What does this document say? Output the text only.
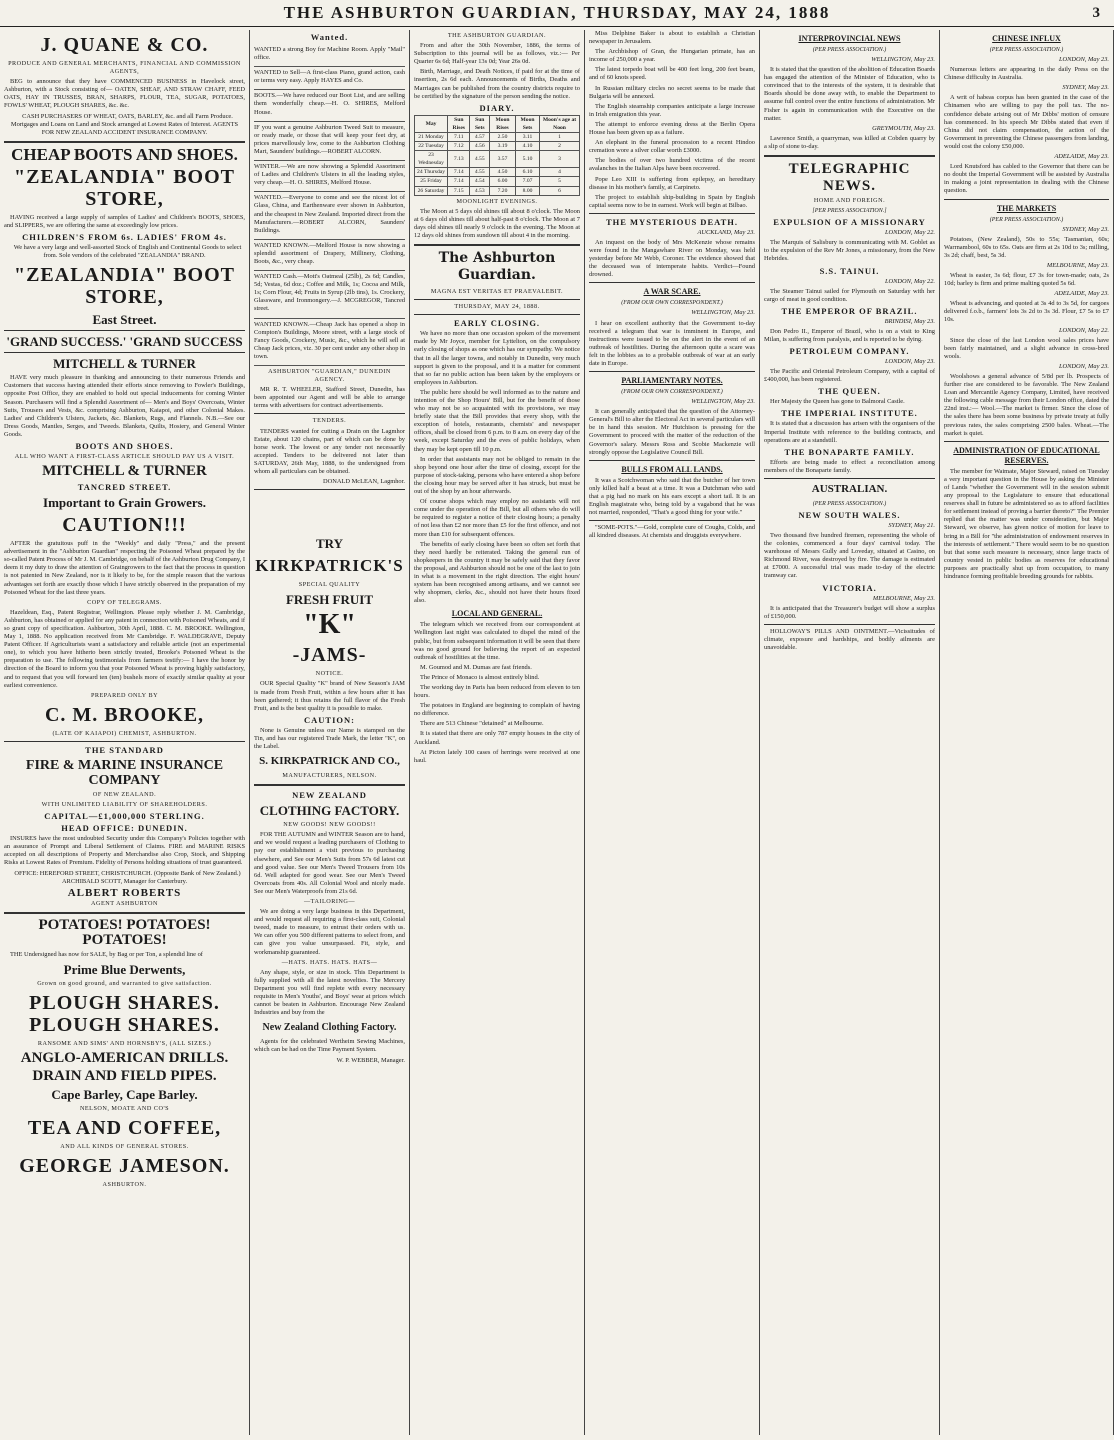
THE ASHBURTON GUARDIAN, THURSDAY, MAY 24, 1888	3
J. QUANE & CO.
PRODUCE AND GENERAL MERCHANTS, FINANCIAL AND COMMISSION AGENTS,

BEG to announce that they have COMMENCED BUSINESS in Havelock street, Ashburton, with a Stock consisting of— OATEN, SHEAF, AND STRAW CHAFF, FEED OATS, HAY IN TRUSSES, BRAN, SHARPS, FLOUR, TEA, SUGAR, POTATOES, FOWLS' WHEAT, PLOUGH SHARES, &c. &c.

CASH PURCHASERS OF WHEAT, OATS, BARLEY, &c. and all Farm Produce. Mortgages and Loans on Land and Stock arranged at Lowest Rates of Interest. AGENTS FOR NEW ZEALAND ACCIDENT INSURANCE COMPANY.

CHEAP BOOTS AND SHOES.
"ZEALANDIA" BOOT STORE,

HAVING received a large supply of samples of Ladies' and Children's BOOTS, SHOES, and SLIPPERS, we are offering the same at exceedingly low prices.

CHILDREN'S FROM 6s. LADIES' FROM 4s.

We have a very large and well-assorted Stock of English and Continental Goods to select from. Sole vendors of the celebrated "ZEALANDIA" BRAND.

"ZEALANDIA" BOOT STORE,
East Street.
'GRAND SUCCESS.' 'GRAND SUCCESS
MITCHELL & TURNER

HAVE very much pleasure in thanking and announcing to their numerous Friends and Customers that success having attended their efforts since removing to Fowler's Buildings, opposite Post Office, they are enabled to hold out special inducements for coming Winter Season. Purchasers will find a Splendid Assortment of— Men's and Boys' Overcoats, Winter Suits, Trousers and Vests, &c. comprising Ashburton, Kaiapoi, and other Colonial Makes. Ladies' and Children's Ulsters, Jackets, &c. Blankets, Rugs, and Flannels. N.B.—See our Dress Goods, Mantles, Serges, and Tweeds. Blankets, Quilts, Hosiery, and General Winter Goods.

BOOTS AND SHOES.
ALL WHO WANT A FIRST-CLASS ARTICLE SHOULD PAY US A VISIT.
MITCHELL & TURNER
TANCRED STREET.
Important to Grain Growers.
CAUTION!!!

AFTER the gratuitous puff in the "Weekly" and daily "Press," and the present advertisement in the "Ashburton Guardian" respecting the Poisoned Wheat prepared by the so-called Patent Process of Mr J. M. Cambridge, on behalf of the Ashburton Drug Company, I deem it my duty to draw the attention of Graingrowers to the fact that the process in question is not patented in New Zealand, nor is it likely to be, for the simple reason that the various advantages set forth are exactly those which I have strictly observed in the preparation of my Poisoned Wheat for the last three years.

COPY OF TELEGRAMS.

Hazeldean, Esq., Patent Registrar, Wellington. Please reply whether J. M. Cambridge, Ashburton, has obtained or applied for any patent in connection with Poisoned Wheats, and if so grant copy of specification. Ashburton, 30th April, 1888. C. M. BROOKE. Wellington, May 1, 1888. No application received from Mr Cambridge. F. WALDEGRAVE, Deputy Patent Officer. If Agriculturists want a satisfactory and reliable article (not an experimental one), to which you have hitherto been strictly treated, Brooke's Poisoned Wheat is the preparation to use. The following testimonials from farmers testify:— I have the honor by direction of the Board to inform you that your Poisoned Wheat is proving highly satisfactory, and to request that you will forward ten (ten) bushels more of exactly similar quality at your earliest convenience.

PREPARED ONLY BY
C. M. BROOKE,
(LATE OF KAIAPOI) CHEMIST, ASHBURTON.
THE STANDARD
FIRE & MARINE INSURANCE COMPANY
OF NEW ZEALAND.
WITH UNLIMITED LIABILITY OF SHAREHOLDERS.
CAPITAL—£1,000,000 STERLING.
HEAD OFFICE: DUNEDIN.

INSURES have the most undoubted Security under this Company's Policies together with an assurance of Prompt and Liberal Settlement of Claims. FIRE and MARINE RISKS accepted on all descriptions of Property and Merchandise also Crop, Stock, and Shipping Risks at Lowest Rates of Premium. Fidelity of Persons holding situations of trust guaranteed.

OFFICE: HEREFORD STREET, CHRISTCHURCH. (Opposite Bank of New Zealand.) ARCHIBALD SCOTT, Manager for Canterbury.

ALBERT ROBERTS
AGENT ASHBURTON
POTATOES! POTATOES! POTATOES!

THE Undersigned has now for SALE, by Bag or per Ton, a splendid line of

Prime Blue Derwents,
Grown on good ground, and warranted to give satisfaction.
PLOUGH SHARES. PLOUGH SHARES.
RANSOME AND SIMS' AND HORNSBY'S, (ALL SIZES.)
ANGLO-AMERICAN DRILLS.
DRAIN AND FIELD PIPES.
Cape Barley, Cape Barley.
NELSON, MOATE AND CO'S
TEA AND COFFEE,
AND ALL KINDS OF GENERAL STORES.
GEORGE JAMESON.
ASHBURTON.
Wanted.

WANTED a strong Boy for Machine Room. Apply "Mail" office.

WANTED to Sell—A first-class Piano, grand action, cash or terms very easy. Apply HAYES and Co.

BOOTS.—We have reduced our Boot List, and are selling them wonderfully cheap.—H. O. SHIRES, Melford House.

IF you want a genuine Ashburton Tweed Suit to measure, or ready made, or those that will keep your feet dry, at prices marvellously low, come to the Ashburton Clothing Mart, Saunders' buildings.—ROBERT ALCORN.

WINTER.—We are now showing a Splendid Assortment of Ladies and Children's Ulsters in all the leading styles, very cheap.—H. O. SHIRES, Melford House.

WANTED.—Everyone to come and see the nicest lot of Glass, China, and Earthenware ever shown in Ashburton, and the cheapest in New Zealand. Imported direct from the Manufacturers.—ROBERT ALCORN, Saunders' Buildings.

WANTED KNOWN.—Melford House is now showing a splendid assortment of Drapery, Millinery, Clothing, Boots, &c., very cheap.

WANTED Cash.—Mott's Oatmeal (25lb), 2s 6d; Candles, 5d; Vestas, 6d doz.; Coffee and Milk, 1s; Cocoa and Milk, 1s; Corn Flour, 4d; Fruits in Syrup (2lb tins), 1s. Crockery, Glassware, and Ironmongery.—J. MCGREGOR, Tancred street.

WANTED KNOWN.—Cheap Jack has opened a shop in Compton's Buildings, Moore street, with a large stock of Fancy Goods, Crockery, Music, &c., which he will sell at Cheap Jack prices, viz. 30 per cent under any other shop in town.

ASHBURTON "GUARDIAN," DUNEDIN AGENCY.

MR R. T. WHEELER, Stafford Street, Dunedin, has been appointed our Agent and will be able to arrange terms with advertisers for contract advertisements.

TENDERS.

TENDERS wanted for cutting a Drain on the Lagmhor Estate, about 120 chains, part of which can be done by horse work. The lowest or any tender not necessarily accepted. Tenders to be delivered not later than SATURDAY, 26th May, 1888, to the undersigned from whom all particulars can be obtained.

DONALD McLEAN, Lagmhor.

TRY
KIRKPATRICK'S
SPECIAL QUALITY
FRESH FRUIT
"K"
-JAMS-
NOTICE.

OUR Special Quality "K" brand of New Season's JAM is made from Fresh Fruit, within a few hours after it has been gathered; it thus retains the full flavor of the Fresh Fruit, and is the best quality it is possible to make.

CAUTION:

None is Genuine unless our Name is stamped on the Tin, and has our registered Trade Mark, the letter "K", on the Label.

S. KIRKPATRICK AND CO.,
MANUFACTURERS, NELSON.
NEW ZEALAND
CLOTHING FACTORY.
NEW GOODS! NEW GOODS!!

FOR THE AUTUMN and WINTER Season are to hand, and we would request a leading purchasers of Clothing to pay our establishment a visit previous to purchasing elsewhere, and See our Men's Suits from 57s 6d latest cut and good value. See our Men's Tweed Trousers from 10s 6d. Well adapted for good wear. See our Men's Tweed Overcoats from 40s. All Colonial Wool and nicely made. See our Men's Waterproofs from 21s 6d.

—TAILORING—

We are doing a very large business in this Department, and would request all requiring a first-class suit, Colonial tweed, made to measure, to entrust their orders with us. We can offer you 500 different patterns to select from, and can give you value unsurpassed. Fit, style, and workmanship guaranteed.

—HATS. HATS. HATS. HATS—

Any shape, style, or size in stock. This Department is fully supplied with all the latest novelties. The Mercery Department you will find replete with every necessary requisite in Men's Youths', and Boys' wear at prices which cannot be beaten in Ashburton. Encourage New Zealand Industries and buy from the

New Zealand Clothing Factory.

Agents for the celebrated Wertheim Sewing Machines, which can be had on the Time Payment System.

W. P. WEBBER, Manager.

THE ASHBURTON GUARDIAN.

From and after the 30th November, 1886, the terms of Subscription to this journal will be as follows, viz.:— Per Quarter 6s 6d; Half-year 13s 0d; Year 26s 0d.

Birth, Marriage, and Death Notices, if paid for at the time of insertion, 2s 6d each. Announcements of Births, Deaths and Marriages can be published from the country districts require to be certified by the signature of the person sending the notice.

DIARY.
May	Sun Rises	Sun Sets	Moon Rises	Moon Sets	Moon's age at Noon
21 Monday	7.11	4.57	2.50	3.11	1
22 Tuesday	7.12	4.56	3.19	4.10	2
23 Wednesday	7.13	4.55	3.57	5.10	3
24 Thursday	7.14	4.55	4.50	6.10	4
25 Friday	7.14	4.54	6.00	7.07	5
26 Saturday	7.15	4.53	7.20	8.00	6
MOONLIGHT EVENINGS.

The Moon at 5 days old shines till about 8 o'clock. The Moon at 6 days old shines till about half-past 8 o'clock. The Moon at 7 days old shines till nearly 9 o'clock in the evening. The Moon at 12 days old shines from sundown till about 4 in the morning.

The Ashburton Guardian.
MAGNA EST VERITAS ET PRAEVALEBIT.
THURSDAY, MAY 24, 1888.
EARLY CLOSING.

We have no more than one occasion spoken of the movement made by Mr Joyce, member for Lyttelton, on the compulsory early closing of shops as one which has our sympathy. We notice that in all the larger towns, and notably in Dunedin, very much support is given to the proposal, and it is a matter for comment that so far no public action has been taken by the employers or employees in Ashburton.

The public here should be well informed as to the nature and intention of the Shop Hours' Bill, but for the benefit of those who may not be so acquainted with its provisions, we may briefly state that the Bill provides that every shop, with the exception of hotels, restaurants, chemists' and newspaper offices, shall be closed from 6 p.m. to 8 a.m. on every day of the week, except Saturday and the eves of public holidays, when they may be kept open till 10 p.m.

In order that assistants may not be obliged to remain in the shop beyond one hour after the time of closing, except for the purpose of stock-taking, persons who have entered a shop before the closing hour may be served after it has struck, but must be out of the shop by an hour afterwards.

Of course shops which may employ no assistants will not come under the operation of the Bill, but all others who do will be required to register a notice of their closing hours; a penalty of not less than £2 nor more than £5 for the first offence, and not more than £10 for subsequent offences.

The benefits of early closing have been so often set forth that they need hardly be reiterated. Taking the general run of shopkeepers in the country it may be safely said that they favor the proposal, and Ashburton should not be one of the last to join in what is a movement in the right direction. The eight hours' system has been recognised among artisans, and we cannot see why shopmen, clerks, &c., should not have their hours fixed also.

LOCAL AND GENERAL.

The telegram which we received from our correspondent at Wellington last night was calculated to dispel the mind of the public, but from subsequent information it will be seen that there was no good ground for believing the report of an expected outbreak of hostilities at the time.

M. Goumod and M. Dumas are fast friends.

The Prince of Monaco is almost entirely blind.

The working day in Paris has been reduced from eleven to ten hours.

The potatoes in England are beginning to complain of having no difference.

There are 513 Chinese "detained" at Melbourne.

It is stated that there are only 787 empty houses in the city of Auckland.

At Picton lately 100 cases of herrings were received at one haul.

Miss Delphine Baker is about to establish a Christian newspaper in Jerusalem.

The Archbishop of Gran, the Hungarian primate, has an income of 250,000 a year.

The latest torpedo boat will be 400 feet long, 200 feet beam, and of 60 knots speed.

In Russian military circles no secret seems to be made that Bulgaria will be annexed.

The English steamship companies anticipate a large increase in Irish emigration this year.

The attempt to enforce evening dress at the Berlin Opera House has been given up as a failure.

An elephant in the funeral procession to a recent Hindoo cremation wore a silver collar worth £3000.

The bodies of over two hundred victims of the recent avalanches in the Italian Alps have been recovered.

Pope Leo XIII is suffering from epilepsy, an hereditary disease in his mother's family, at Carpineto.

The project to establish ship-building in Spain by English capital seems now to be in earnest. Work will begin at Bilbao.

THE MYSTERIOUS DEATH.

AUCKLAND, May 23.

An inquest on the body of Mrs McKenzie whose remains were found in the Mangawhare River on Monday, was held yesterday before Mr Webb, Coroner. The evidence showed that the deceased was of intemperate habits. Verdict—Found drowned.

A WAR SCARE.
(FROM OUR OWN CORRESPONDENT.)

WELLINGTON, May 23.

I hear on excellent authority that the Government to-day received a telegram that war is imminent in Europe, and instructions were issued to be on the alert in the event of an outbreak of hostilities. During the afternoon quite a scare was felt in the lobbies as to a probable outbreak of war at an early date in Europe.

PARLIAMENTARY NOTES.
(FROM OUR OWN CORRESPONDENT.)

WELLINGTON, May 23.

It can generally anticipated that the question of the Attorney-General's Bill to alter the Electoral Act in several particulars will be in hand this session. Mr Hutchison is pressing for the Government to proceed with the matter of the reduction of the Governor's salary. Messrs Ross and Scobie Mackenzie will strongly oppose the Legislative Council Bill.

BULLS FROM ALL LANDS.

It was a Scotchwoman who said that the butcher of her town only killed half a beast at a time. It was a Dutchman who said that a pig had no mark on his ears except a short tail. It is an English magistrate who, being told by a vagabond that he was not married, responded, "That's a good thing for your wife."

"SOME-POTS."—Gold, complete cure of Coughs, Colds, and all kindred diseases. At chemists and druggists everywhere.

INTERPROVINCIAL NEWS
(PER PRESS ASSOCIATION.)

WELLINGTON, May 23.

It is stated that the question of the abolition of Education Boards has engaged the attention of the Minister of Education, who is convinced that to the interests of the system, it is desirable that Boards should be done away with, to enable the Department to assume full control over the entire functions of administration. Mr Fisher is again in communication with the Executive on the matter.

GREYMOUTH, May 23.

Lawrence Smith, a quarryman, was killed at Cobden quarry by a slip of stone to-day.

TELEGRAPHIC NEWS.
HOME AND FOREIGN.
[PER PRESS ASSOCIATION.]
EXPULSION OF A MISSIONARY

LONDON, May 22.

The Marquis of Salisbury is communicating with M. Goblet as to the expulsion of the Rev Mr Jones, a missionary, from the New Hebrides.

S.S. TAINUI.

LONDON, May 22.

The Steamer Tainui sailed for Plymouth on Saturday with her cargo of meat in good condition.

THE EMPEROR OF BRAZIL.

BRINDISI, May 23.

Don Pedro II., Emperor of Brazil, who is on a visit to King Milan, is suffering from paralysis, and is reported to be dying.

PETROLEUM COMPANY.

LONDON, May 23.

The Pacific and Oriental Petroleum Company, with a capital of £400,000, has been registered.

THE QUEEN.

Her Majesty the Queen has gone to Balmoral Castle.

THE IMPERIAL INSTITUTE.

It is stated that a discussion has arisen with the organisers of the Imperial Institute with reference to the building contracts, and operations are at a standstill.

THE BONAPARTE FAMILY.

Efforts are being made to effect a reconciliation among members of the Bonaparte family.

AUSTRALIAN.
(PER PRESS ASSOCIATION.)
NEW SOUTH WALES.

SYDNEY, May 21.

Two thousand five hundred firemen, representing the whole of the colonies, commenced a four days' carnival today. The warehouse of Messrs Gully and Loveday, situated at Casino, on Richmond River, was destroyed by fire. The damage is estimated at £7000. A successful trial was made to-day of the electric tramway car.

VICTORIA.

MELBOURNE, May 23.

It is anticipated that the Treasurer's budget will show a surplus of £150,000.

HOLLOWAY'S PILLS AND OINTMENT.—Vicissitudes of climate, exposure and hardships, and bodily ailments are unavoidable.

CHINESE INFLUX
(PER PRESS ASSOCIATION.)

LONDON, May 23.

Numerous letters are appearing in the daily Press on the Chinese difficulty in Australia.

SYDNEY, May 23.

A writ of habeas corpus has been granted in the case of the Chinamen who are willing to pay the poll tax. The no-confidence debate arising out of Mr Dibbs' motion of censure has commenced. In his speech Mr Dibbs stated that even if China did not claim compensation, the action of the Government in preventing the Chinese passengers from landing, would cost the colony £50,000.

ADELAIDE, May 23.

Lord Knutsford has cabled to the Governor that there can be no doubt the Imperial Government will be assisted by Australia in making a joint representation in dealing with the Chinese question.

THE MARKETS
(PER PRESS ASSOCIATION.)

SYDNEY, May 23.

Potatoes, (New Zealand), 50s to 55s; Tasmanian, 60s; Warrnambool, 60s to 65s. Oats are firm at 2s 10d to 3s; milling, 3s 2d; chaff, best, 5s 3d.

MELBOURNE, May 23.

Wheat is easier, 3s 6d; flour, £7 3s for town-made; oats, 2s 10d; barley is firm and prime malting quoted 5s 6d.

ADELAIDE, May 23.

Wheat is advancing, and quoted at 3s 4d to 3s 5d, for cargoes delivered f.o.b., farmers' lots 3s 2d to 3s 3d. Flour, £7 5s to £7 10s.

LONDON, May 22.

Since the close of the last London wool sales prices have been fairly maintained, and a slight advance in cross-bred wools.

LONDON, May 23.

Woolshows a general advance of 5/8d per lb. Prospects of further rise are considered to be favorable. The New Zealand Loan and Mercantile Agency Company, Limited, have received the following cable message from their London office, dated the 22nd inst.:— Wool.—The market is firmer. Since the close of the sales there has been some business by private treaty at fully previous rates, the sales comprising 2500 bales. Wheat.—The market is quiet.

ADMINISTRATION OF EDUCATIONAL RESERVES.

The member for Waimate, Major Steward, raised on Tuesday a very important question in the House by asking the Minister of Lands "whether the Government will in the session submit any proposal to the Legislature to ensure that educational reserves shall in future be administered so as to afford facilities for settlement instead of proving a barrier thereto?" The Premier replied that the matter was under consideration, but Major Steward, we observe, has given notice of motion for leave to bring in a Bill for "the administration of endowment reserves in the interests of settlement." There would seem to be no question but that some such measure is necessary, since large tracts of country vested in public bodies as reserves for educational purposes are practically shut up from occupation, to many hindrance forming profitable breeding grounds for rabbits.
